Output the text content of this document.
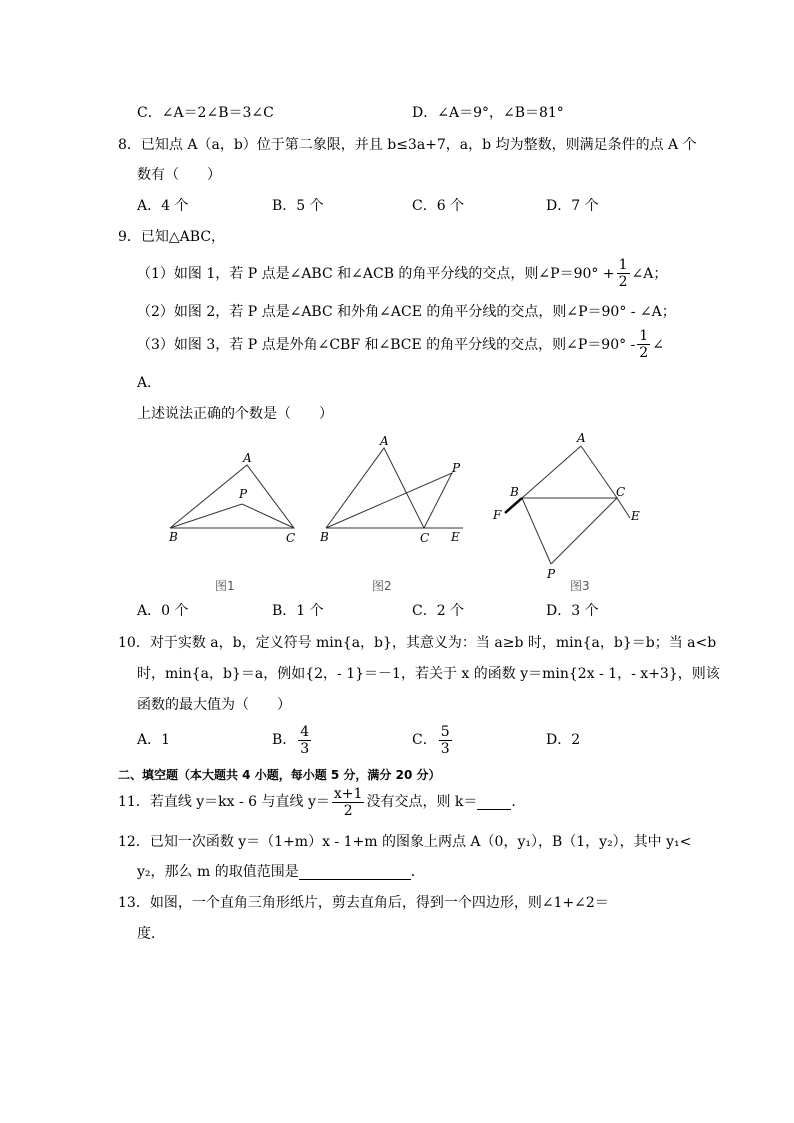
C．∠A＝2∠B＝3∠C	D．∠A＝9°，∠B＝81°
8．已知点 A（a，b）位于第二象限，并且 b≤3a+7，a，b 均为整数，则满足条件的点 A 个
数有（　　）
A．4 个	B．5 个	C．6 个	D．7 个
9．已知△ABC，
（1）如图 1，若 P 点是∠ABC 和∠ACB 的角平分线的交点，则∠P＝90° + $\frac{1}{2}$ ∠A；
（2）如图 2，若 P 点是∠ABC 和外角∠ACE 的角平分线的交点，则∠P＝90° - ∠A；
（3）如图 3，若 P 点是外角∠CBF 和∠BCE 的角平分线的交点，则∠P＝90° - $\frac{1}{2}$ ∠
A．
上述说法正确的个数是（　　）
A
P
B	C
图1
A
P
B	C E
图2
A
B	C
F	E
P
图3
A．0 个	B．1 个	C．2 个	D．3 个
10．对于实数 a，b，定义符号 min{a，b}，其意义为：当 a≥b 时，min{a，b}＝b；当 a<b
时，min{a，b}＝a，例如{2，- 1}＝－1，若关于 x 的函数 y＝min{2x - 1，- x+3}，则该
函数的最大值为（　　）
A．1	B． $\frac{4}{3}$	C． $\frac{5}{3}$	D．2
二、填空题（本大题共 4 小题，每小题 5 分，满分 20 分）
11．若直线 y＝kx - 6 与直线 $y= \frac{x+1}{2}$ 没有交点，则 k＝ ．
12．已知一次函数 y＝（1+m）x - 1+m 的图象上两点 A（0，y₁），B（1，y₂），其中 y₁<
y₂，那么 m 的取值范围是	．
13．如图，一个直角三角形纸片，剪去直角后，得到一个四边形，则∠1+∠2＝
度．
